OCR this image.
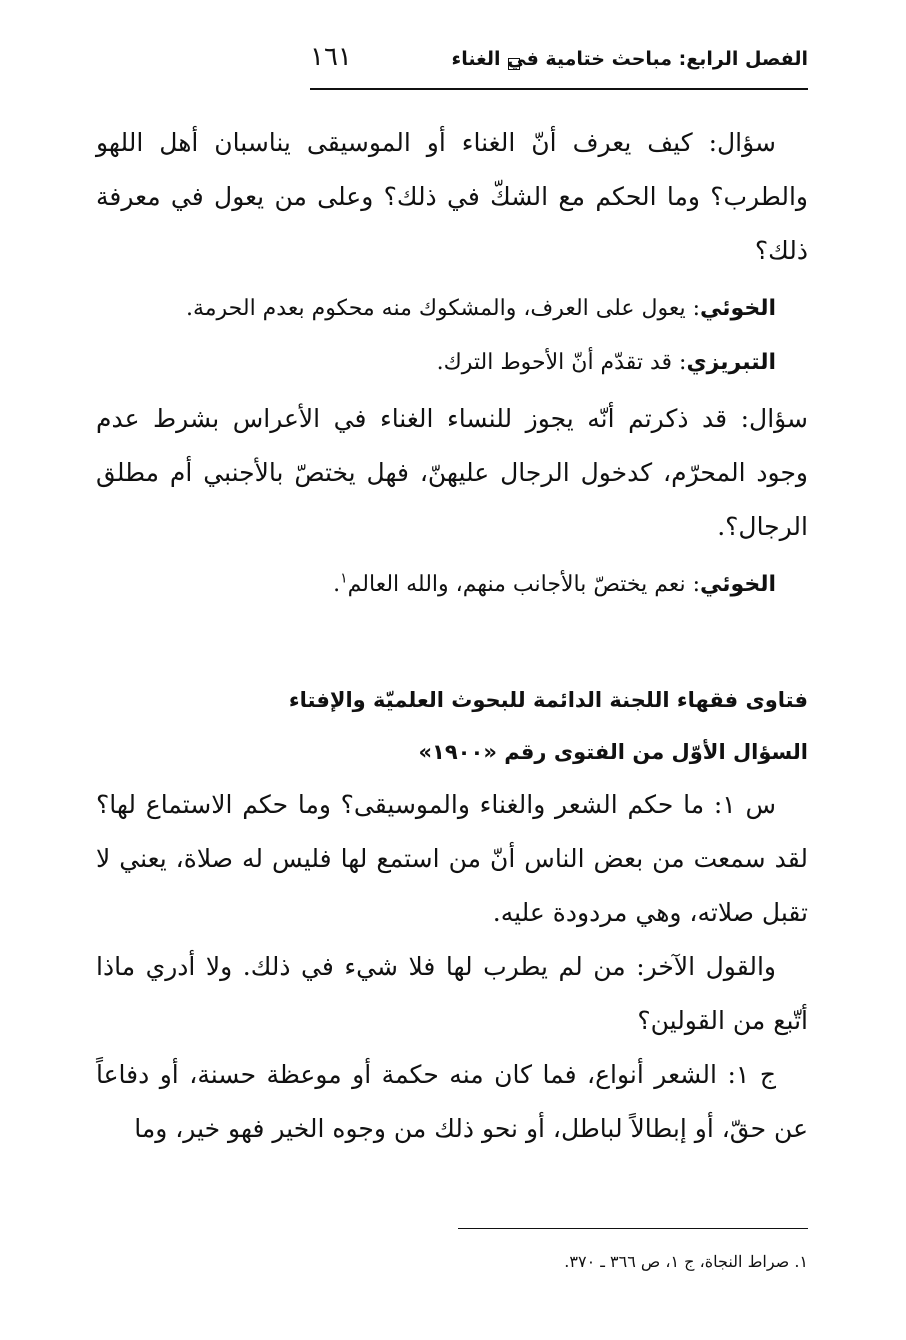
الفصل الرابع: مباحث ختامية في الغناء
١٦١

سؤال: كيف يعرف أنّ الغناء أو الموسيقى يناسبان أهل اللهو والطرب؟ وما الحكم مع الشكّ في ذلك؟ وعلى من يعول في معرفة ذلك؟

الخوئي: يعول على العرف، والمشكوك منه محكوم بعدم الحرمة.

التبريزي: قد تقدّم أنّ الأحوط الترك.

سؤال: قد ذكرتم أنّه يجوز للنساء الغناء في الأعراس بشرط عدم وجود المحرّم، كدخول الرجال عليهنّ، فهل يختصّ بالأجنبي أم مطلق الرجال؟.

الخوئي: نعم يختصّ بالأجانب منهم، والله العالم$^١$.

فتاوى فقهاء اللجنة الدائمة للبحوث العلميّة والإفتاء

السؤال الأوّل من الفتوى رقم «١٩٠٠»

س ١: ما حكم الشعر والغناء والموسيقى؟ وما حكم الاستماع لها؟ لقد سمعت من بعض الناس أنّ من استمع لها فليس له صلاة، يعني لا تقبل صلاته، وهي مردودة عليه.

والقول الآخر: من لم يطرب لها فلا شيء في ذلك. ولا أدري ماذا أتّبع من القولين؟

ج ١: الشعر أنواع، فما كان منه حكمة أو موعظة حسنة، أو دفاعاً عن حقّ، أو إبطالاً لباطل، أو نحو ذلك من وجوه الخير فهو خير، وما

١. صراط النجاة، ج ١، ص ٣٦٦ ـ ٣٧٠.
